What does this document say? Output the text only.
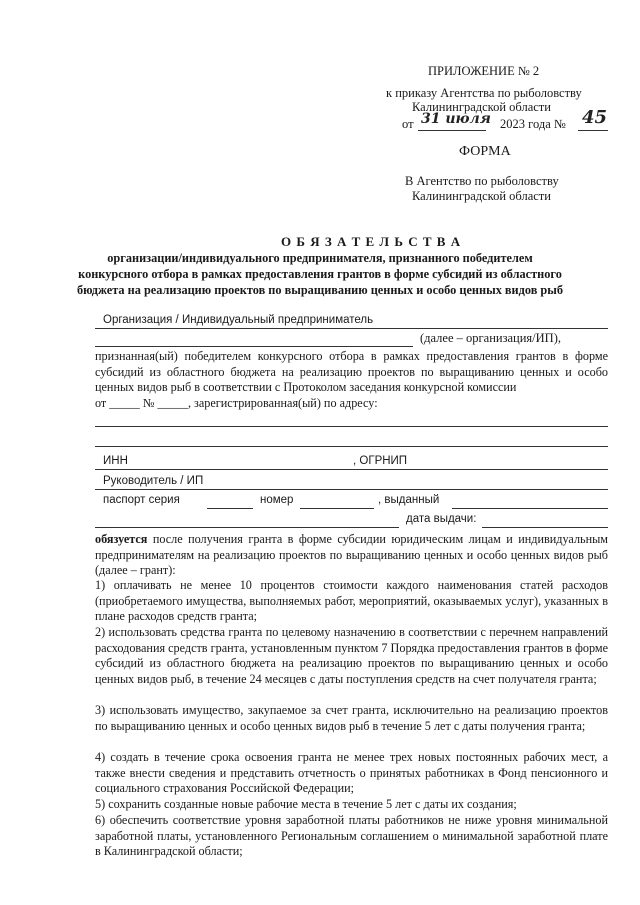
ПРИЛОЖЕНИЕ № 2
к приказу Агентства по рыболовству
Калининградской области
от 31 июля 2023 года № 45
ФОРМА
В Агентство по рыболовству
Калининградской области
О Б Я З А Т Е Л Ь С Т В А
организации/индивидуального предпринимателя, признанного победителем
конкурсного отбора в рамках предоставления грантов в форме субсидий из областного
бюджета на реализацию проектов по выращиванию ценных и особо ценных видов рыб
Организация / Индивидуальный предприниматель
(далее – организация/ИП),
признанная(ый) победителем конкурсного отбора в рамках предоставления грантов в форме субсидий из областного бюджета на реализацию проектов по выращиванию ценных и особо ценных видов рыб в соответствии с Протоколом заседания конкурсной комиссии
от _____ № _____, зарегистрированная(ый) по адресу:
ИНН	, ОГРНИП
Руководитель / ИП
паспорт серия	номер	, выданный
дата выдачи:
обязуется после получения гранта в форме субсидии юридическим лицам и индивидуальным предпринимателям на реализацию проектов по выращиванию ценных и особо ценных видов рыб (далее – грант):
1) оплачивать не менее 10 процентов стоимости каждого наименования статей расходов (приобретаемого имущества, выполняемых работ, мероприятий, оказываемых услуг), указанных в плане расходов средств гранта;
2) использовать средства гранта по целевому назначению в соответствии с перечнем направлений расходования средств гранта, установленным пунктом 7 Порядка предоставления грантов в форме субсидий из областного бюджета на реализацию проектов по выращиванию ценных и особо ценных видов рыб, в течение 24 месяцев с даты поступления средств на счет получателя гранта;
3) использовать имущество, закупаемое за счет гранта, исключительно на реализацию проектов по выращиванию ценных и особо ценных видов рыб в течение 5 лет с даты получения гранта;
4) создать в течение срока освоения гранта не менее трех новых постоянных рабочих мест, а также внести сведения и представить отчетность о принятых работниках в Фонд пенсионного и социального страхования Российской Федерации;
5) сохранить созданные новые рабочие места в течение 5 лет с даты их создания;
6) обеспечить соответствие уровня заработной платы работников не ниже уровня минимальной заработной платы, установленного Региональным соглашением о минимальной заработной плате в Калининградской области;
